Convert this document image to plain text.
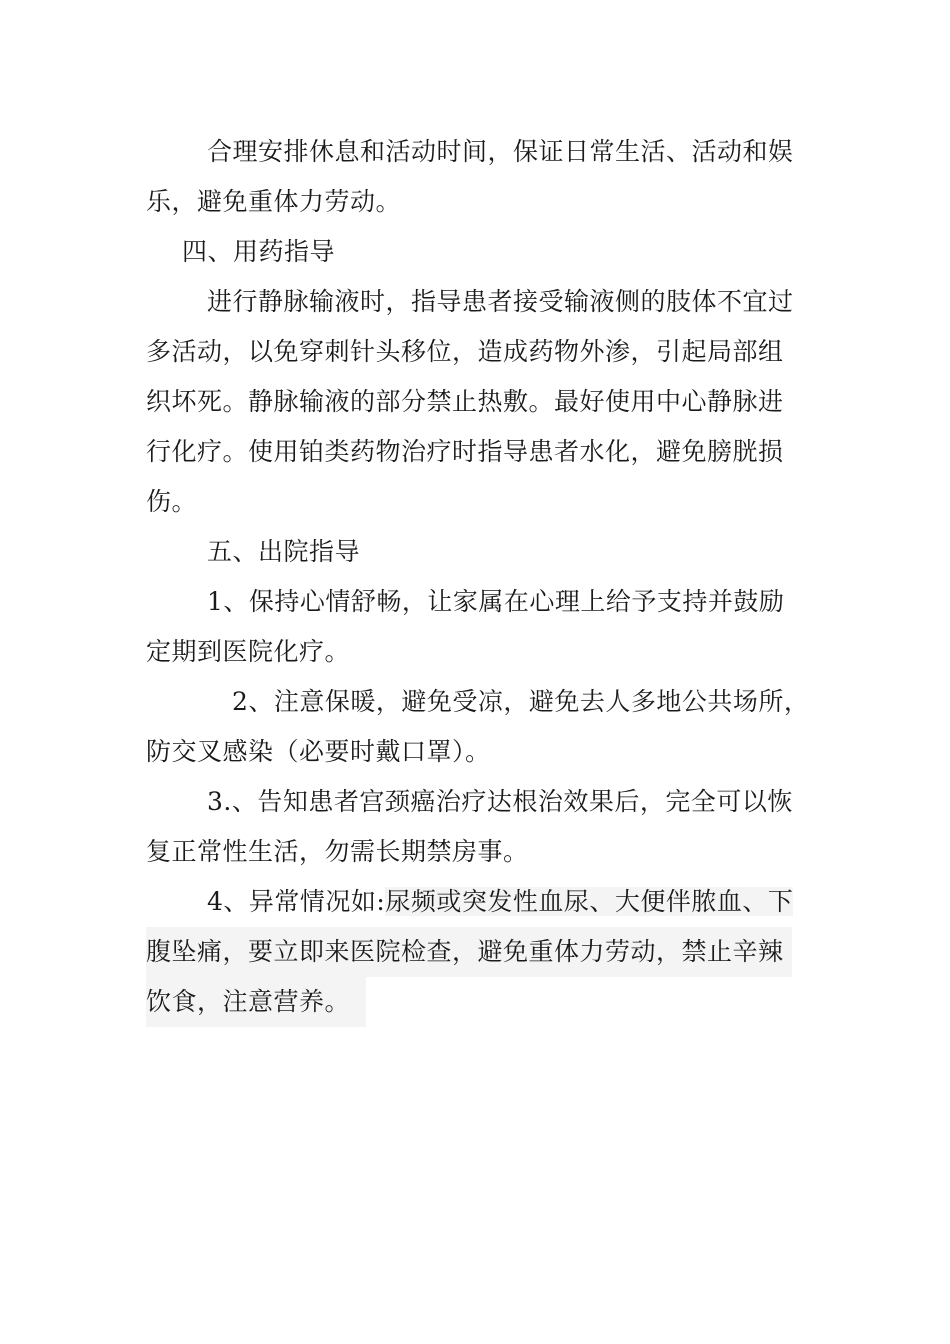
合理安排休息和活动时间，保证日常生活、活动和娱
乐，避免重体力劳动。
四、用药指导
进行静脉输液时，指导患者接受输液侧的肢体不宜过
多活动，以免穿刺针头移位，造成药物外渗，引起局部组
织坏死。静脉输液的部分禁止热敷。最好使用中心静脉进
行化疗。使用铂类药物治疗时指导患者水化，避免膀胱损
伤。
五、出院指导
1、保持心情舒畅，让家属在心理上给予支持并鼓励
定期到医院化疗。
2、注意保暖，避免受凉，避免去人多地公共场所，
防交叉感染（必要时戴口罩）。
3.、告知患者宫颈癌治疗达根治效果后，完全可以恢
复正常性生活，勿需长期禁房事。
4、异常情况如:尿频或突发性血尿、大便伴脓血、下
腹坠痛，要立即来医院检查，避免重体力劳动，禁止辛辣
饮食，注意营养。
